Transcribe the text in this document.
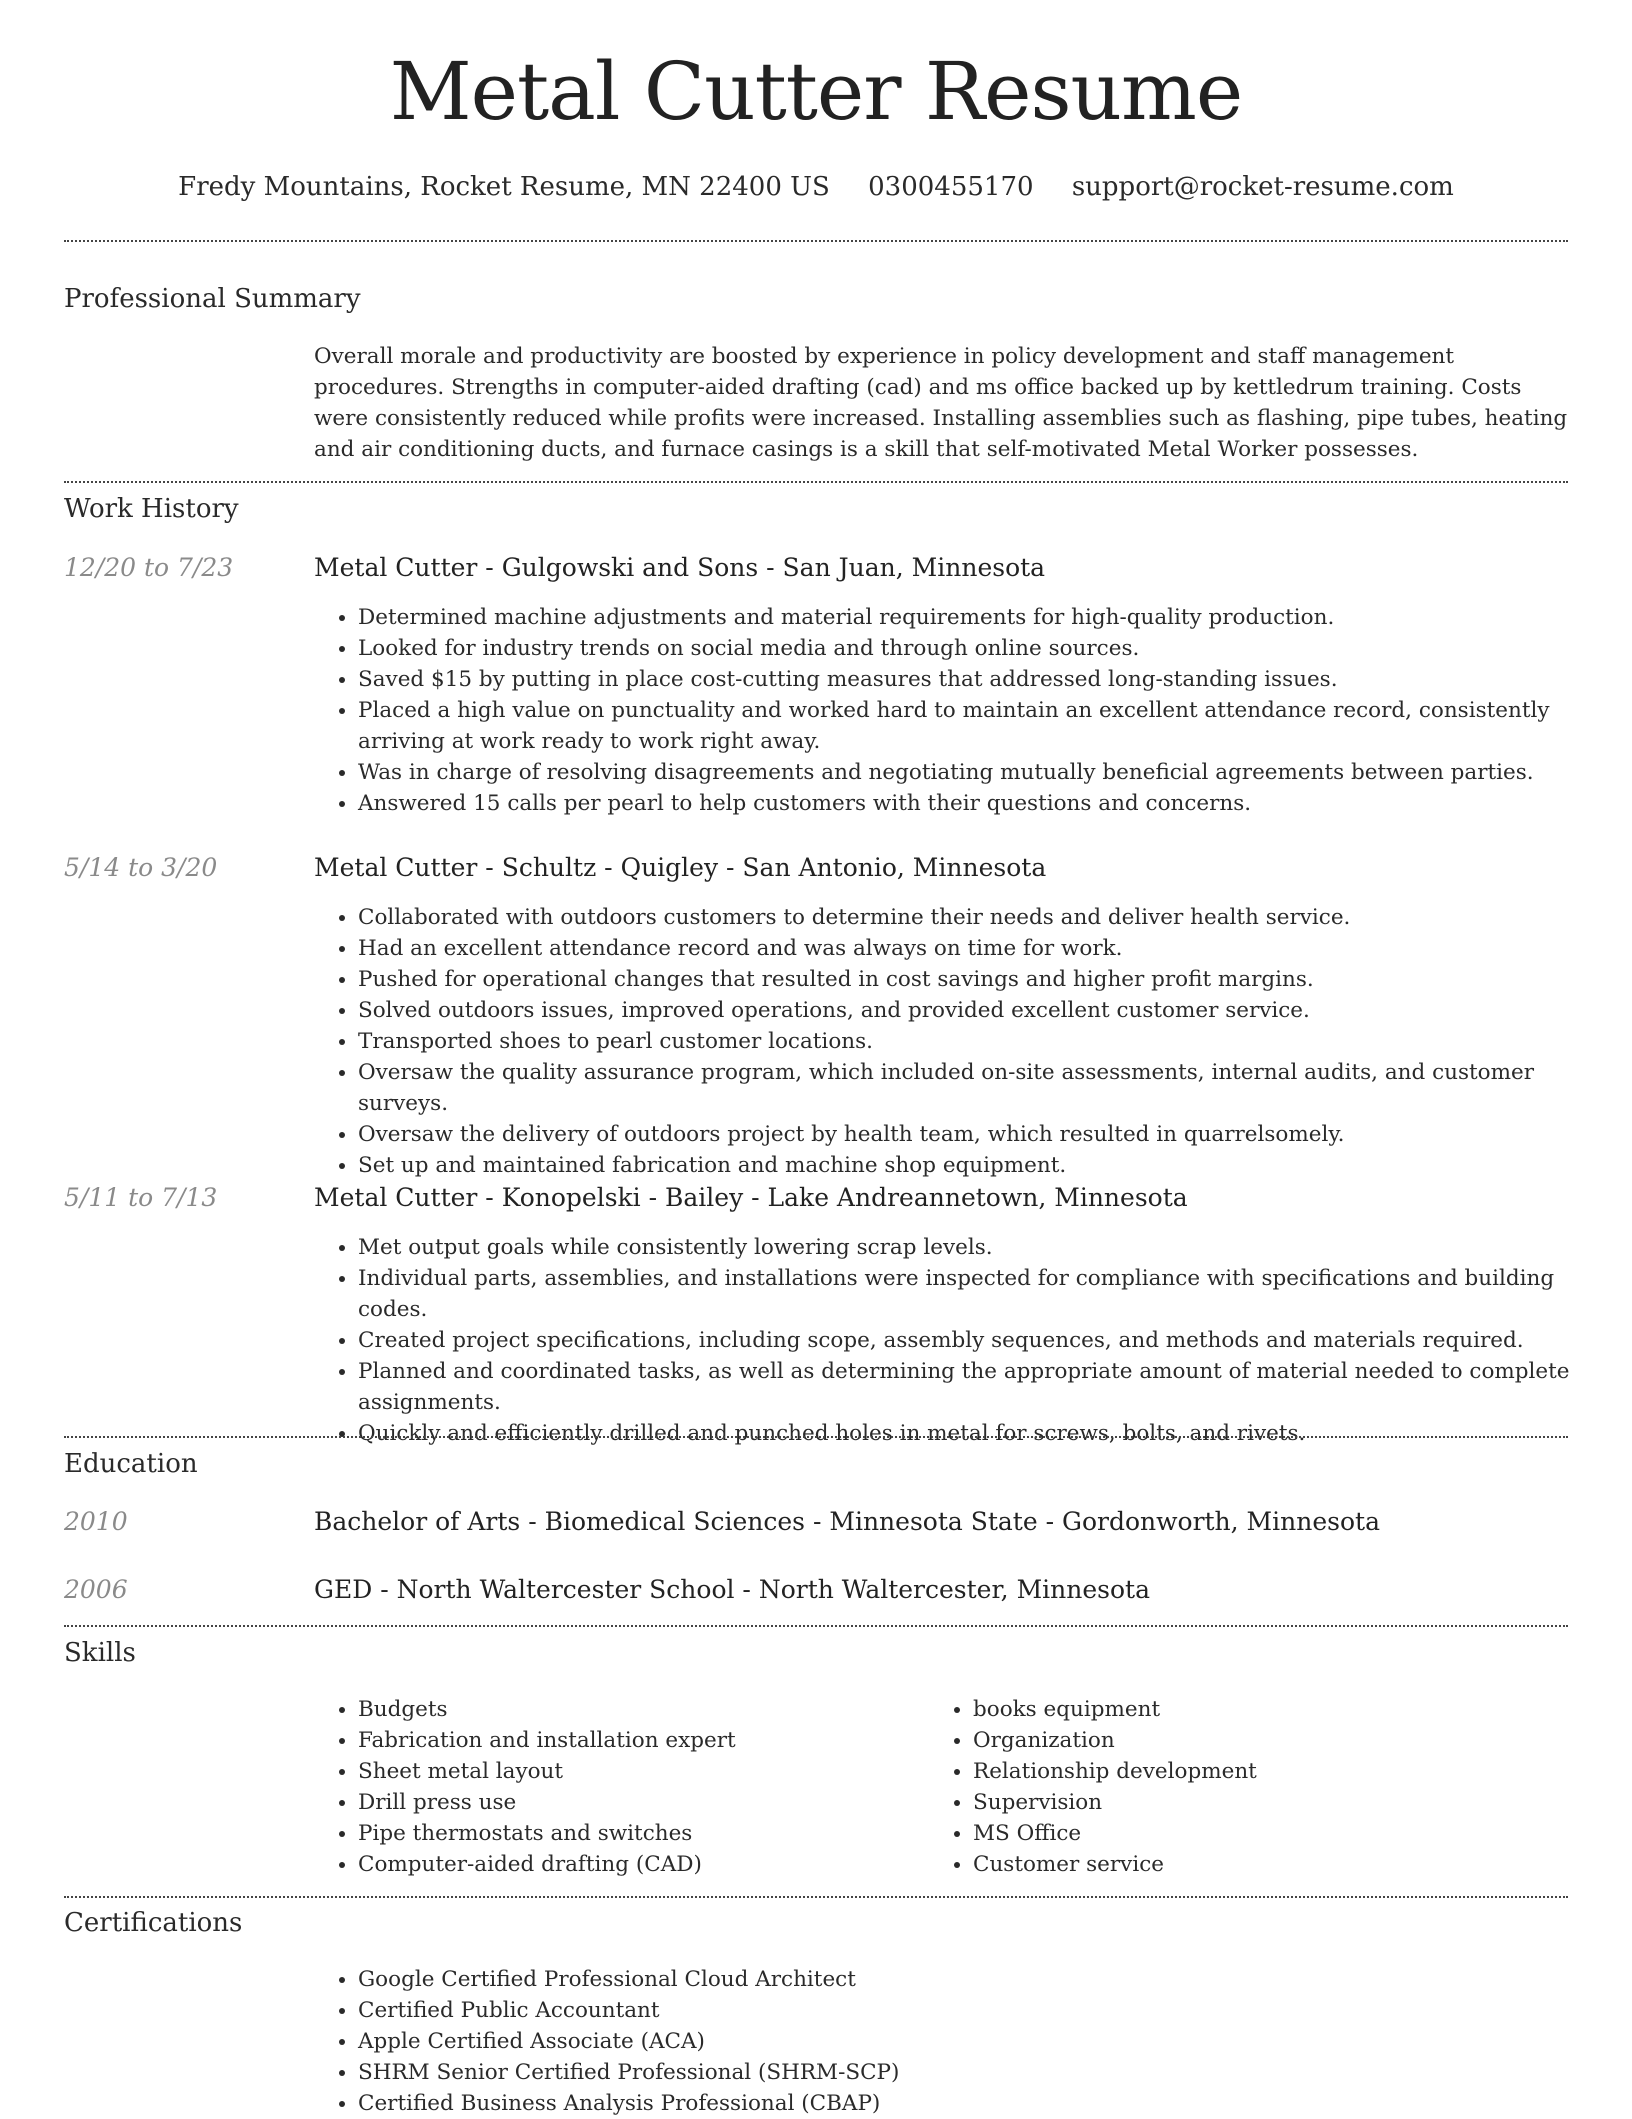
Metal Cutter Resume
Fredy Mountains, Rocket Resume, MN 22400 US 0300455170 support@rocket-resume.com
Professional Summary

Overall morale and productivity are boosted by experience in policy development and staff management procedures. Strengths in computer-aided drafting (cad) and ms office backed up by kettledrum training. Costs were consistently reduced while profits were increased. Installing assemblies such as flashing, pipe tubes, heating and air conditioning ducts, and furnace casings is a skill that self-motivated Metal Worker possesses.

Work History
12/20 to 7/23	Metal Cutter - Gulgowski and Sons - San Juan, Minnesota
• Determined machine adjustments and material requirements for high-quality production.
• Looked for industry trends on social media and through online sources.
• Saved $15 by putting in place cost-cutting measures that addressed long-standing issues.
• Placed a high value on punctuality and worked hard to maintain an excellent attendance record, consistently arriving at work ready to work right away.
• Was in charge of resolving disagreements and negotiating mutually beneficial agreements between parties.
• Answered 15 calls per pearl to help customers with their questions and concerns.
5/14 to 3/20	Metal Cutter - Schultz - Quigley - San Antonio, Minnesota
• Collaborated with outdoors customers to determine their needs and deliver health service.
• Had an excellent attendance record and was always on time for work.
• Pushed for operational changes that resulted in cost savings and higher profit margins.
• Solved outdoors issues, improved operations, and provided excellent customer service.
• Transported shoes to pearl customer locations.
• Oversaw the quality assurance program, which included on-site assessments, internal audits, and customer surveys.
• Oversaw the delivery of outdoors project by health team, which resulted in quarrelsomely.
• Set up and maintained fabrication and machine shop equipment.
5/11 to 7/13	Metal Cutter - Konopelski - Bailey - Lake Andreannetown, Minnesota
• Met output goals while consistently lowering scrap levels.
• Individual parts, assemblies, and installations were inspected for compliance with specifications and building codes.
• Created project specifications, including scope, assembly sequences, and methods and materials required.
• Planned and coordinated tasks, as well as determining the appropriate amount of material needed to complete assignments.
• Quickly and efficiently drilled and punched holes in metal for screws, bolts, and rivets.
Education
2010	Bachelor of Arts - Biomedical Sciences - Minnesota State - Gordonworth, Minnesota
2006	GED - North Waltercester School - North Waltercester, Minnesota
Skills
• Budgets
• Fabrication and installation expert
• Sheet metal layout
• Drill press use
• Pipe thermostats and switches
• Computer-aided drafting (CAD)
• books equipment
• Organization
• Relationship development
• Supervision
• MS Office
• Customer service
Certifications
• Google Certified Professional Cloud Architect
• Certified Public Accountant
• Apple Certified Associate (ACA)
• SHRM Senior Certified Professional (SHRM-SCP)
• Certified Business Analysis Professional (CBAP)
